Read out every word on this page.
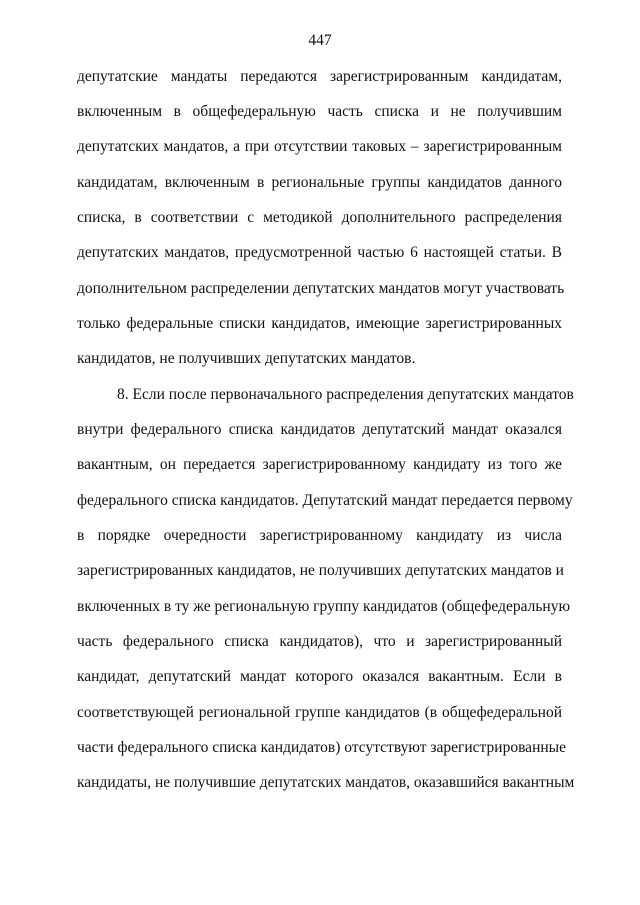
447
депутатские мандаты передаются зарегистрированным кандидатам,
включенным в общефедеральную часть списка и не получившим
депутатских мандатов, а при отсутствии таковых – зарегистрированным
кандидатам, включенным в региональные группы кандидатов данного
списка, в соответствии с методикой дополнительного распределения
депутатских мандатов, предусмотренной частью 6 настоящей статьи. В
дополнительном распределении депутатских мандатов могут участвовать
только федеральные списки кандидатов, имеющие зарегистрированных
кандидатов, не получивших депутатских мандатов.
8. Если после первоначального распределения депутатских мандатов
внутри федерального списка кандидатов депутатский мандат оказался
вакантным, он передается зарегистрированному кандидату из того же
федерального списка кандидатов. Депутатский мандат передается первому
в порядке очередности зарегистрированному кандидату из числа
зарегистрированных кандидатов, не получивших депутатских мандатов и
включенных в ту же региональную группу кандидатов (общефедеральную
часть федерального списка кандидатов), что и зарегистрированный
кандидат, депутатский мандат которого оказался вакантным. Если в
соответствующей региональной группе кандидатов (в общефедеральной
части федерального списка кандидатов) отсутствуют зарегистрированные
кандидаты, не получившие депутатских мандатов, оказавшийся вакантным
